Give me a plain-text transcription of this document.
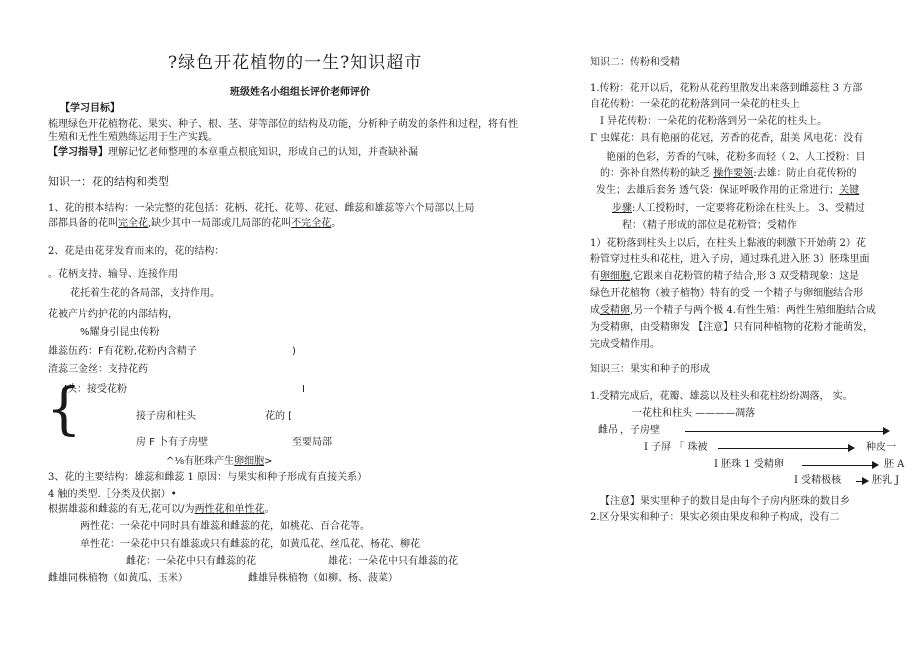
?绿色开花植物的一生?知识超市
班级姓名小组组长评价老师评价
【学习目标】
梳理绿色开花植物花、果实、种子、根、茎、芽等部位的结构及功能，分析种子萌发的条件和过程，将有性
生殖和无性生殖熟练运用于生产实践。
【学习指导】理解记忆老师整理的本章重点根底知识，形成自己的认知，并查缺补漏
知识一：花的结构和类型
1、花的根本结构：一朵完整的花包括：花柄、花托、花萼、花冠、雌蕊和雄蕊等六个局部以上局
部都具备的花叫完全花,缺少其中一局部或几局部的花叫不完全花。
2、花是由花芽发育而来的，花的结构：
。花柄支持、输导、连接作用
花托着生花的各局部，支持作用。
花被产片约护花的内部结构，
%耀身引昆虫传粉
雄蕊伍药：F有花粉,花粉内含精子	)
渣蕊三金丝：支持花药
{
I头：接受花粉	I
接子房和柱头	花的 [
房 F 卜有子房壁	至要局部
^⅛有胚珠产生卵细胞>
3、花的主要结构：雄蕊和雌蕊 1 原因：与果实和种子形成有直接关系）
4 触的类型.［分类及伏据）•
根据雄蕊和雌蕊的有无,花可以/为两性花和单性花。
两性花：一朵花中同时具有雄蕊和雌蕊的花，如桃花、百合花等。
单性花：一朵花中只有雄蕊或只有雌蕊的花，如黄瓜花、丝瓜花、杨花、柳花
雌花：一朵花中只有雌蕊的花	雄花：一朵花中只有雄蕊的花
雌雄同株植物（如黄瓜、玉米）	雌雄异株植物（如柳、杨、菠菜）
知识二：传粉和受精
1.传粉：花开以后，花粉从花药里散发出来落到雌蕊柱 3 方部
自花传粉：一朵花的花粉落到同一朵花的柱头上
I 异花传粉：一朵花的花粉落到另一朵花的柱头上。
Γ 虫媒花：具有艳丽的花冠，芳香的花香，甜美 风电花：没有
艳丽的色彩，芳香的气味，花粉多而轻（ 2、人工授粉：目
的：弥补自然传粉的缺乏 操作要领:去雄：防止自花传粉的
发生；去雄后套务 透气袋：保证呼吸作用的正常进行；关键
步骤:人工授粉时，一定要将花粉涂在柱头上。 3、受精过
程：（精子形成的部位是花粉管；受精作
1）花粉落到柱头上以后，在柱头上黏液的刺激下开始萌 2）花
粉管穿过柱头和花柱，进入子房，通过珠孔进入胚 3）胚珠里面
有卵细胞,它跟来自花粉管的精子结合,形 3 双受精现象：这是
绿色开花植物（被子植物）特有的受 一个精子与卵细胞结合形
成受精卵,另一个精子与两个极 4.有性生殖：两性生殖细胞结合成
为受精卵，由受精卵发 【注意】只有同种植物的花粉才能萌发，
完成受精作用。
知识三：果实和种子的形成
1.受精完成后，花瓣、雄蕊以及柱头和花柱纷纷凋落， 实。
一花柱和柱头 ————凋落
雌吊 ，子房壁
I 子屏 「 珠被	种皮一
I 胚珠 1 受精卵	胚 A
I 受精极核	胚乳 J
【注意】果实里种子的数目是由每个子房内胚珠的数目乡
2.区分果实和种子：果实必须由果皮和种子构成，没有二
